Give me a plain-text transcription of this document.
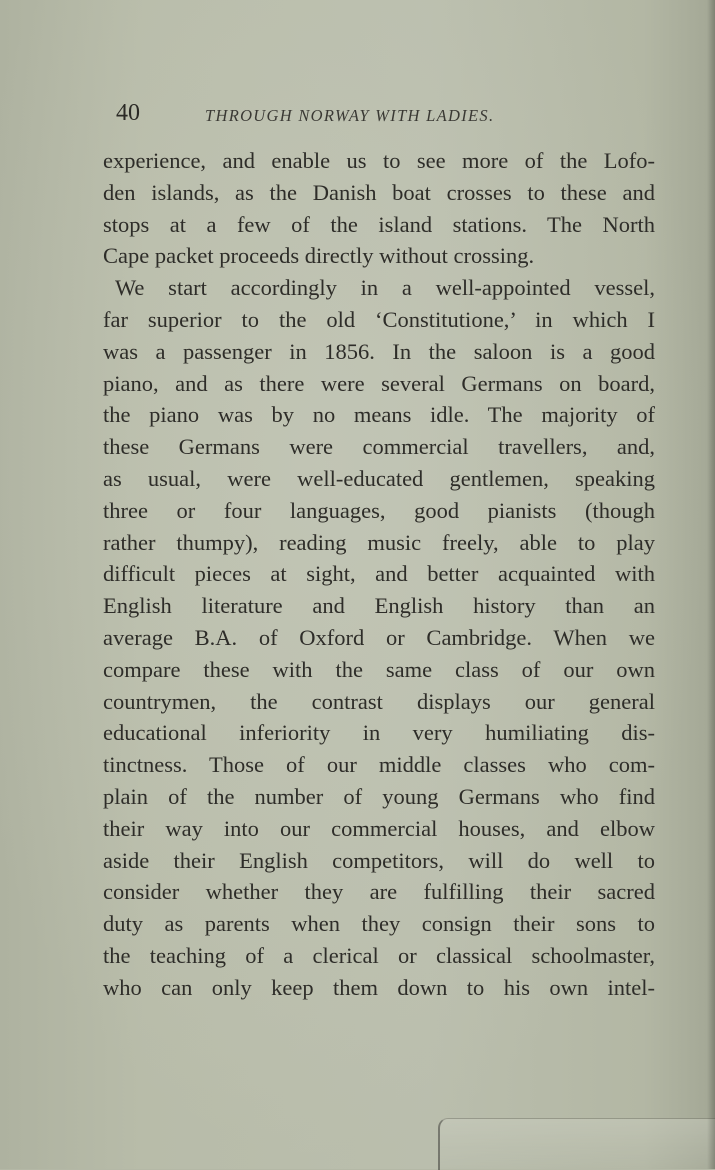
40	THROUGH NORWAY WITH LADIES.
experience, and enable us to see more of the Lofo-
den islands, as the Danish boat crosses to these and
stops at a few of the island stations. The North
Cape packet proceeds directly without crossing.
We start accordingly in a well-appointed vessel,
far superior to the old ‘Constitutione,’ in which I
was a passenger in 1856. In the saloon is a good
piano, and as there were several Germans on board,
the piano was by no means idle. The majority of
these Germans were commercial travellers, and,
as usual, were well-educated gentlemen, speaking
three or four languages, good pianists (though
rather thumpy), reading music freely, able to play
difficult pieces at sight, and better acquainted with
English literature and English history than an
average B.A. of Oxford or Cambridge. When we
compare these with the same class of our own
countrymen, the contrast displays our general
educational inferiority in very humiliating dis-
tinctness. Those of our middle classes who com-
plain of the number of young Germans who find
their way into our commercial houses, and elbow
aside their English competitors, will do well to
consider whether they are fulfilling their sacred
duty as parents when they consign their sons to
the teaching of a clerical or classical schoolmaster,
who can only keep them down to his own intel-
